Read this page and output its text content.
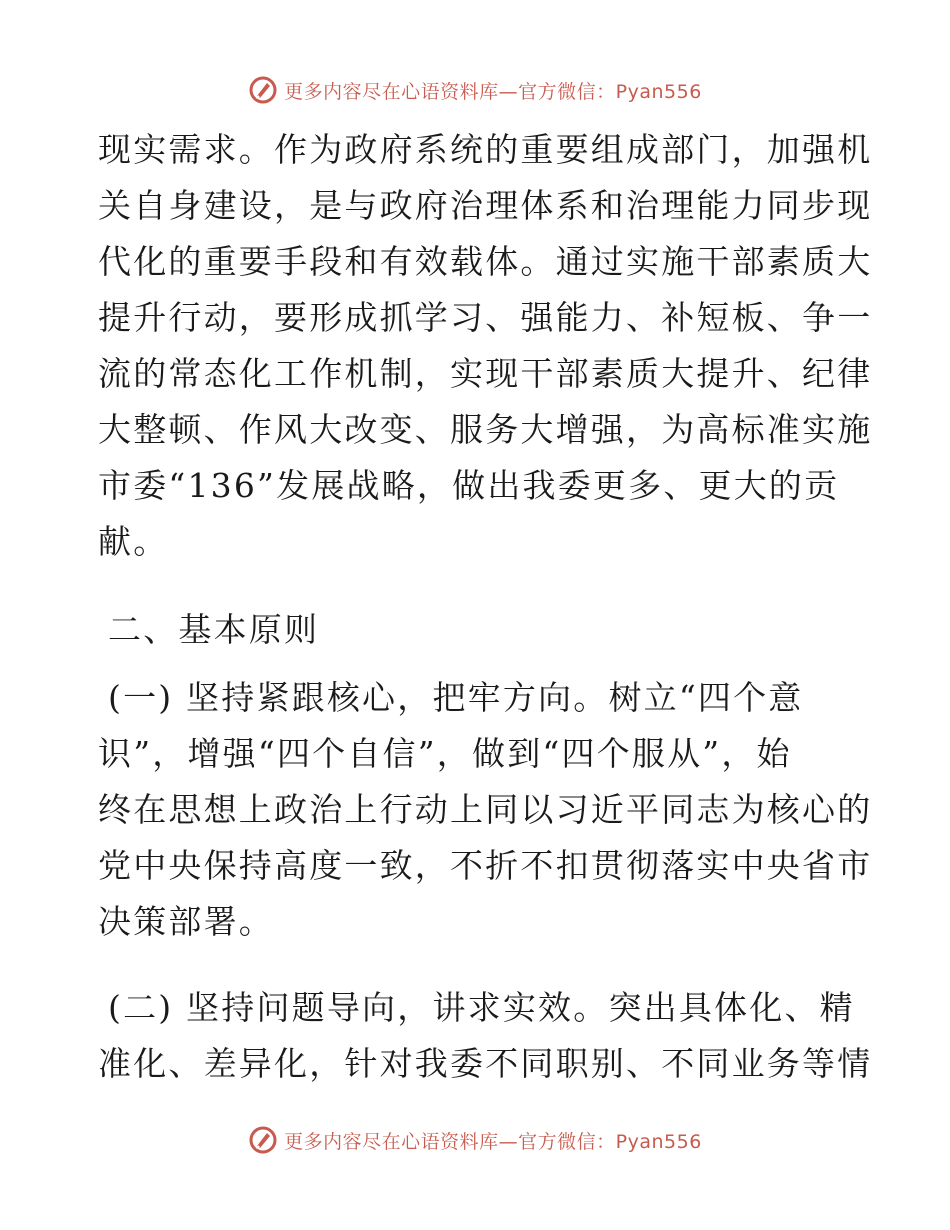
更多内容尽在心语资料库—官方微信：Pyan556
现实需求。作为政府系统的重要组成部门，加强机
关自身建设，是与政府治理体系和治理能力同步现
代化的重要手段和有效载体。通过实施干部素质大
提升行动，要形成抓学习、强能力、补短板、争一
流的常态化工作机制，实现干部素质大提升、纪律
大整顿、作风大改变、服务大增强，为高标准实施
市委“136”发展战略，做出我委更多、更大的贡
献。
二、基本原则
(一) 坚持紧跟核心，把牢方向。树立“四个意
识”，增强“四个自信”，做到“四个服从”，始
终在思想上政治上行动上同以习近平同志为核心的
党中央保持高度一致，不折不扣贯彻落实中央省市
决策部署。
(二) 坚持问题导向，讲求实效。突出具体化、精
准化、差异化，针对我委不同职别、不同业务等情
更多内容尽在心语资料库—官方微信：Pyan556
